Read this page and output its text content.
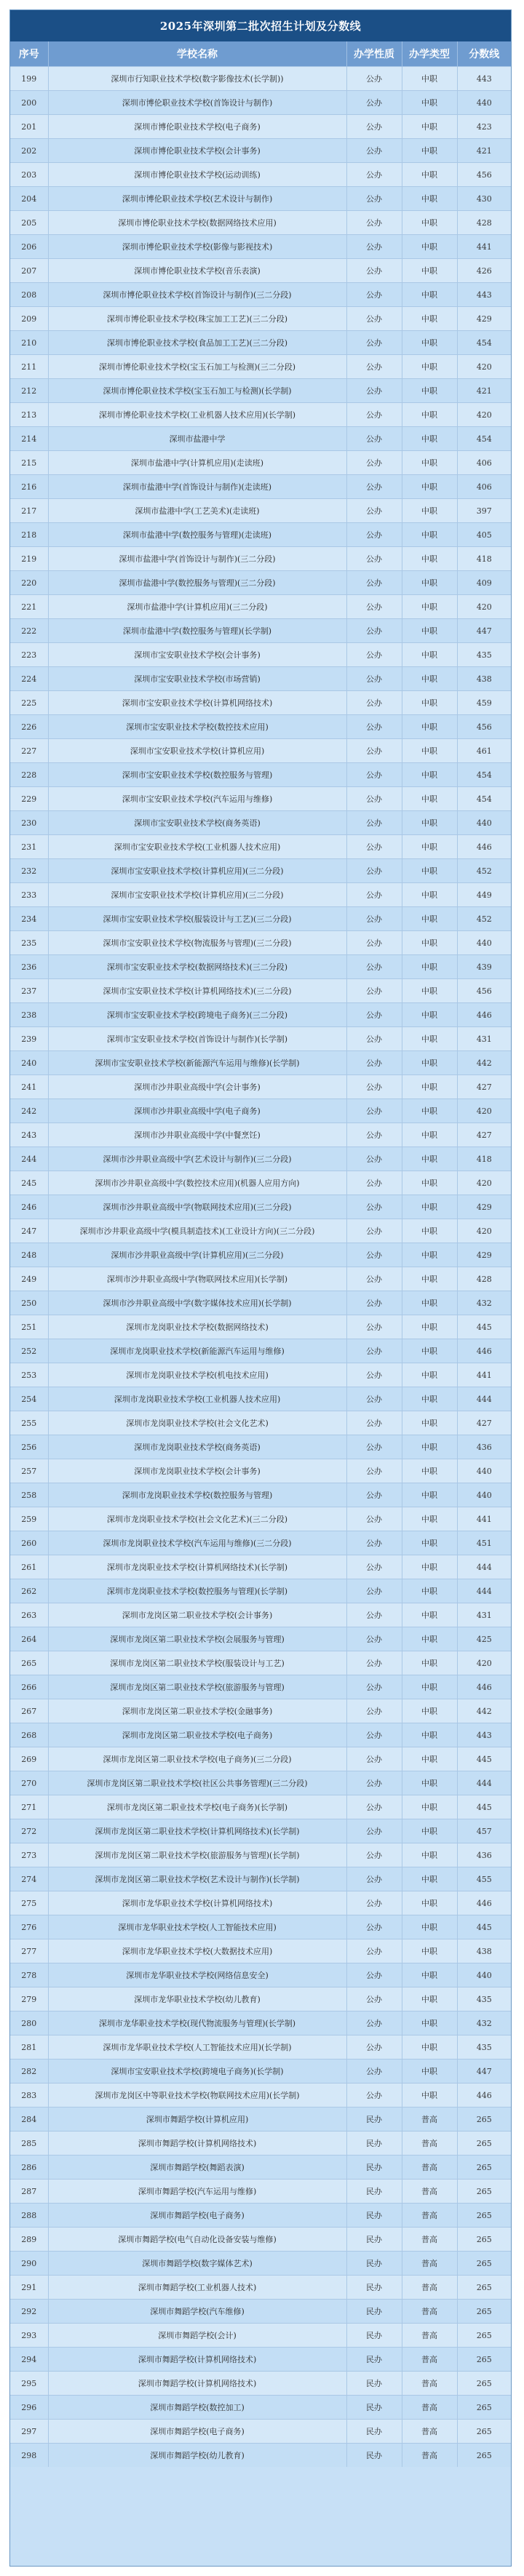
2025年深圳第二批次招生计划及分数线
序号	学校名称	办学性质	办学类型	分数线
199	深圳市行知职业技术学校(数字影像技术(长学制))	公办	中职	443
200	深圳市博伦职业技术学校(首饰设计与制作)	公办	中职	440
201	深圳市博伦职业技术学校(电子商务)	公办	中职	423
202	深圳市博伦职业技术学校(会计事务)	公办	中职	421
203	深圳市博伦职业技术学校(运动训练)	公办	中职	456
204	深圳市博伦职业技术学校(艺术设计与制作)	公办	中职	430
205	深圳市博伦职业技术学校(数据网络技术应用)	公办	中职	428
206	深圳市博伦职业技术学校(影像与影视技术)	公办	中职	441
207	深圳市博伦职业技术学校(音乐表演)	公办	中职	426
208	深圳市博伦职业技术学校(首饰设计与制作)(三二分段)	公办	中职	443
209	深圳市博伦职业技术学校(珠宝加工工艺)(三二分段)	公办	中职	429
210	深圳市博伦职业技术学校(食品加工工艺)(三二分段)	公办	中职	454
211	深圳市博伦职业技术学校(宝玉石加工与检测)(三二分段)	公办	中职	420
212	深圳市博伦职业技术学校(宝玉石加工与检测)(长学制)	公办	中职	421
213	深圳市博伦职业技术学校(工业机器人技术应用)(长学制)	公办	中职	420
214	深圳市盐港中学	公办	中职	454
215	深圳市盐港中学(计算机应用)(走读班)	公办	中职	406
216	深圳市盐港中学(首饰设计与制作)(走读班)	公办	中职	406
217	深圳市盐港中学(工艺美术)(走读班)	公办	中职	397
218	深圳市盐港中学(数控服务与管理)(走读班)	公办	中职	405
219	深圳市盐港中学(首饰设计与制作)(三二分段)	公办	中职	418
220	深圳市盐港中学(数控服务与管理)(三二分段)	公办	中职	409
221	深圳市盐港中学(计算机应用)(三二分段)	公办	中职	420
222	深圳市盐港中学(数控服务与管理)(长学制)	公办	中职	447
223	深圳市宝安职业技术学校(会计事务)	公办	中职	435
224	深圳市宝安职业技术学校(市场营销)	公办	中职	438
225	深圳市宝安职业技术学校(计算机网络技术)	公办	中职	459
226	深圳市宝安职业技术学校(数控技术应用)	公办	中职	456
227	深圳市宝安职业技术学校(计算机应用)	公办	中职	461
228	深圳市宝安职业技术学校(数控服务与管理)	公办	中职	454
229	深圳市宝安职业技术学校(汽车运用与维修)	公办	中职	454
230	深圳市宝安职业技术学校(商务英语)	公办	中职	440
231	深圳市宝安职业技术学校(工业机器人技术应用)	公办	中职	446
232	深圳市宝安职业技术学校(计算机应用)(三二分段)	公办	中职	452
233	深圳市宝安职业技术学校(计算机应用)(三二分段)	公办	中职	449
234	深圳市宝安职业技术学校(服装设计与工艺)(三二分段)	公办	中职	452
235	深圳市宝安职业技术学校(物流服务与管理)(三二分段)	公办	中职	440
236	深圳市宝安职业技术学校(数据网络技术)(三二分段)	公办	中职	439
237	深圳市宝安职业技术学校(计算机网络技术)(三二分段)	公办	中职	456
238	深圳市宝安职业技术学校(跨境电子商务)(三二分段)	公办	中职	446
239	深圳市宝安职业技术学校(首饰设计与制作)(长学制)	公办	中职	431
240	深圳市宝安职业技术学校(新能源汽车运用与维修)(长学制)	公办	中职	442
241	深圳市沙井职业高级中学(会计事务)	公办	中职	427
242	深圳市沙井职业高级中学(电子商务)	公办	中职	420
243	深圳市沙井职业高级中学(中餐烹饪)	公办	中职	427
244	深圳市沙井职业高级中学(艺术设计与制作)(三二分段)	公办	中职	418
245	深圳市沙井职业高级中学(数控技术应用)(机器人应用方向)	公办	中职	420
246	深圳市沙井职业高级中学(物联网技术应用)(三二分段)	公办	中职	429
247	深圳市沙井职业高级中学(模具制造技术)(工业设计方向)(三二分段)	公办	中职	420
248	深圳市沙井职业高级中学(计算机应用)(三二分段)	公办	中职	429
249	深圳市沙井职业高级中学(物联网技术应用)(长学制)	公办	中职	428
250	深圳市沙井职业高级中学(数字媒体技术应用)(长学制)	公办	中职	432
251	深圳市龙岗职业技术学校(数据网络技术)	公办	中职	445
252	深圳市龙岗职业技术学校(新能源汽车运用与维修)	公办	中职	446
253	深圳市龙岗职业技术学校(机电技术应用)	公办	中职	441
254	深圳市龙岗职业技术学校(工业机器人技术应用)	公办	中职	444
255	深圳市龙岗职业技术学校(社会文化艺术)	公办	中职	427
256	深圳市龙岗职业技术学校(商务英语)	公办	中职	436
257	深圳市龙岗职业技术学校(会计事务)	公办	中职	440
258	深圳市龙岗职业技术学校(数控服务与管理)	公办	中职	440
259	深圳市龙岗职业技术学校(社会文化艺术)(三二分段)	公办	中职	441
260	深圳市龙岗职业技术学校(汽车运用与维修)(三二分段)	公办	中职	451
261	深圳市龙岗职业技术学校(计算机网络技术)(长学制)	公办	中职	444
262	深圳市龙岗职业技术学校(数控服务与管理)(长学制)	公办	中职	444
263	深圳市龙岗区第二职业技术学校(会计事务)	公办	中职	431
264	深圳市龙岗区第二职业技术学校(会展服务与管理)	公办	中职	425
265	深圳市龙岗区第二职业技术学校(服装设计与工艺)	公办	中职	420
266	深圳市龙岗区第二职业技术学校(旅游服务与管理)	公办	中职	446
267	深圳市龙岗区第二职业技术学校(金融事务)	公办	中职	442
268	深圳市龙岗区第二职业技术学校(电子商务)	公办	中职	443
269	深圳市龙岗区第二职业技术学校(电子商务)(三二分段)	公办	中职	445
270	深圳市龙岗区第二职业技术学校(社区公共事务管理)(三二分段)	公办	中职	444
271	深圳市龙岗区第二职业技术学校(电子商务)(长学制)	公办	中职	445
272	深圳市龙岗区第二职业技术学校(计算机网络技术)(长学制)	公办	中职	457
273	深圳市龙岗区第二职业技术学校(旅游服务与管理)(长学制)	公办	中职	436
274	深圳市龙岗区第二职业技术学校(艺术设计与制作)(长学制)	公办	中职	455
275	深圳市龙华职业技术学校(计算机网络技术)	公办	中职	446
276	深圳市龙华职业技术学校(人工智能技术应用)	公办	中职	445
277	深圳市龙华职业技术学校(大数据技术应用)	公办	中职	438
278	深圳市龙华职业技术学校(网络信息安全)	公办	中职	440
279	深圳市龙华职业技术学校(幼儿教育)	公办	中职	435
280	深圳市龙华职业技术学校(现代物流服务与管理)(长学制)	公办	中职	432
281	深圳市龙华职业技术学校(人工智能技术应用)(长学制)	公办	中职	435
282	深圳市宝安职业技术学校(跨境电子商务)(长学制)	公办	中职	447
283	深圳市龙岗区中等职业技术学校(物联网技术应用)(长学制)	公办	中职	446
284	深圳市舞蹈学校(计算机应用)	民办	普高	265
285	深圳市舞蹈学校(计算机网络技术)	民办	普高	265
286	深圳市舞蹈学校(舞蹈表演)	民办	普高	265
287	深圳市舞蹈学校(汽车运用与维修)	民办	普高	265
288	深圳市舞蹈学校(电子商务)	民办	普高	265
289	深圳市舞蹈学校(电气自动化设备安装与维修)	民办	普高	265
290	深圳市舞蹈学校(数字媒体艺术)	民办	普高	265
291	深圳市舞蹈学校(工业机器人技术)	民办	普高	265
292	深圳市舞蹈学校(汽车维修)	民办	普高	265
293	深圳市舞蹈学校(会计)	民办	普高	265
294	深圳市舞蹈学校(计算机网络技术)	民办	普高	265
295	深圳市舞蹈学校(计算机网络技术)	民办	普高	265
296	深圳市舞蹈学校(数控加工)	民办	普高	265
297	深圳市舞蹈学校(电子商务)	民办	普高	265
298	深圳市舞蹈学校(幼儿教育)	民办	普高	265
